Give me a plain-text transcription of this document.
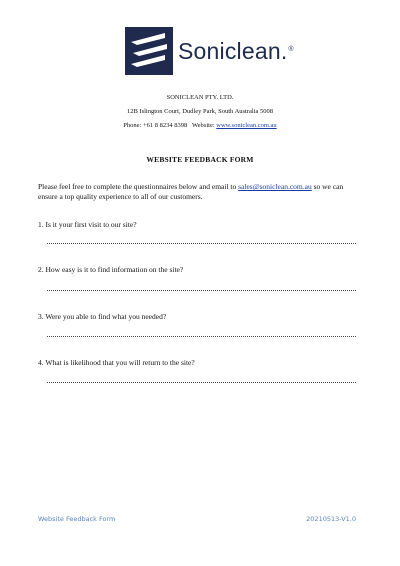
Soniclean. ®
SONICLEAN PTY. LTD.
12B Islington Court, Dudley Park, South Australia 5008
Phone: +61 8 8234 8398 Website: www.soniclean.com.au
WEBSITE FEEDBACK FORM
Please feel free to complete the questionnaires below and email to sales@soniclean.com.au so we can ensure a top quality experience to all of our customers.
1. Is it your first visit to our site?
2. How easy is it to find information on the site?
3. Were you able to find what you needed?
4. What is likelihood that you will return to the site?
Website Feedback Form	20210513-V1.0
